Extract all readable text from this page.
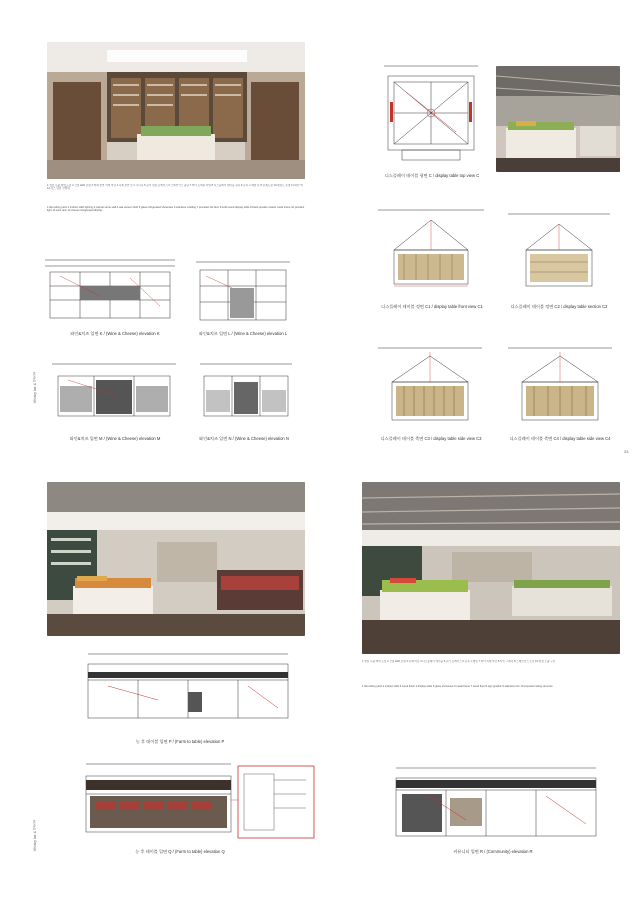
1.천장 무광 백색 도장 2.간접 LED 조명 3.벽체 천연 석재 마감 4.목재 선반 오크 무늬목 5.유리 냉장 쇼케이스 6.스테인리스 몰딩 7.바닥 포세린 타일 8.디스플레이 테이블 원목 9.금속 프레임 흑색 분체도장 10.펜던트 조명 11.와인 랙 12.치즈 냉장 진열대
1.flat ceiling paint 2.indirect LED lighting 3.natural stone wall 4.oak veneer shelf 5.glass refrigerated showcase 6.stainless molding 7.porcelain tile floor 8.solid wood display table 9.black powder coated metal frame 10.pendant light 11.wine rack 12.cheese refrigerated display
와인&치즈 입면 K / (Wine & Cheese) elevation K	와인&치즈 입면 L / (Wine & Cheese) elevation L
와인&치즈 입면 M / (Wine & Cheese) elevation M	와인&치즈 입면 N / (Wine & Cheese) elevation N
Whisky bar & 양조장
디스플레이 테이블 평면 C / display table top view C
디스플레이 테이블 정면 C1 / display table front view C1	디스플레이 테이블 정면 C2 / display table section C2
디스플레이 테이블 측면 C3 / display table side view C3	디스플레이 테이블 측면 C4 / display table side view C4
33
농 후 테이블 입면 P / (Farm to table) elevation P
농 후 테이블 입면 Q / (Farm to table) elevation Q
Whisky bar & 양조장
1.천장 무광 백색 도장 2.간접 LED 조명 3.목재 마감 4.디스플레이 테이블 5.유리 쇼케이스 6.금속 프레임 7.바닥 목재 마감 8.사인 그래픽 9.스테인리스 트림 10.천장 노출 구조
1.flat ceiling paint 2.indirect LED 3.wood finish 4.display table 5.glass showcase 6.metal frame 7.wood floor 8.sign graphic 9.stainless trim 10.exposed ceiling structure
커뮤니티 입면 R / (Community) elevation R
